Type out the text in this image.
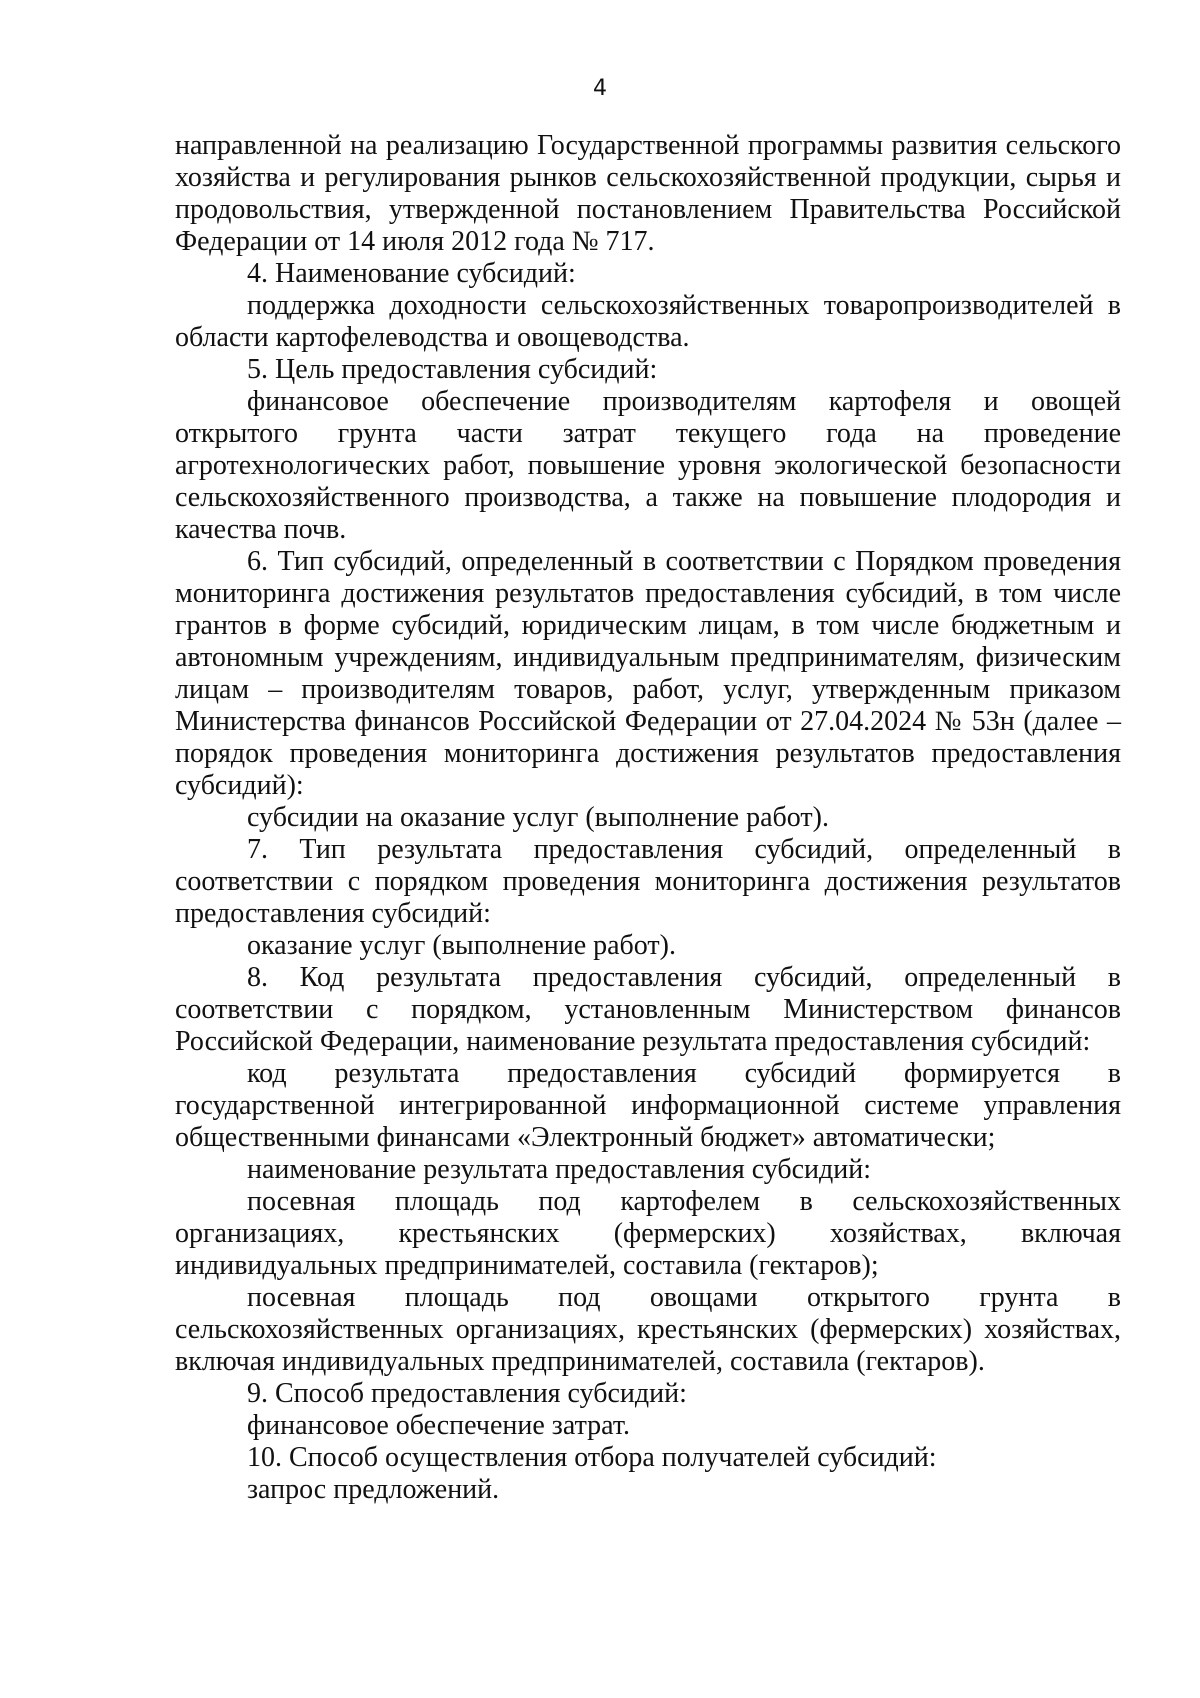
4

направленной на реализацию Государственной программы развития сельского хозяйства и регулирования рынков сельскохозяйственной продукции, сырья и продовольствия, утвержденной постановлением Правительства Российской Федерации от 14 июля 2012 года № 717.

4. Наименование субсидий:

поддержка доходности сельскохозяйственных товаропроизводителей в области картофелеводства и овощеводства.

5. Цель предоставления субсидий:

финансовое обеспечение производителям картофеля и овощей открытого грунта части затрат текущего года на проведение агротехнологических работ, повышение уровня экологической безопасности сельскохозяйственного производства, а также на повышение плодородия и качества почв.

6. Тип субсидий, определенный в соответствии с Порядком проведения мониторинга достижения результатов предоставления субсидий, в том числе грантов в форме субсидий, юридическим лицам, в том числе бюджетным и автономным учреждениям, индивидуальным предпринимателям, физическим лицам – производителям товаров, работ, услуг, утвержденным приказом Министерства финансов Российской Федерации от 27.04.2024 № 53н (далее – порядок проведения мониторинга достижения результатов предоставления субсидий):

субсидии на оказание услуг (выполнение работ).

7. Тип результата предоставления субсидий, определенный в соответствии с порядком проведения мониторинга достижения результатов предоставления субсидий:

оказание услуг (выполнение работ).

8. Код результата предоставления субсидий, определенный в соответствии с порядком, установленным Министерством финансов Российской Федерации, наименование результата предоставления субсидий:

код результата предоставления субсидий формируется в государственной интегрированной информационной системе управления общественными финансами «Электронный бюджет» автоматически;

наименование результата предоставления субсидий:

посевная площадь под картофелем в сельскохозяйственных организациях, крестьянских (фермерских) хозяйствах, включая индивидуальных предпринимателей, составила (гектаров);

посевная площадь под овощами открытого грунта в сельскохозяйственных организациях, крестьянских (фермерских) хозяйствах, включая индивидуальных предпринимателей, составила (гектаров).

9. Способ предоставления субсидий:

финансовое обеспечение затрат.

10. Способ осуществления отбора получателей субсидий:

запрос предложений.
